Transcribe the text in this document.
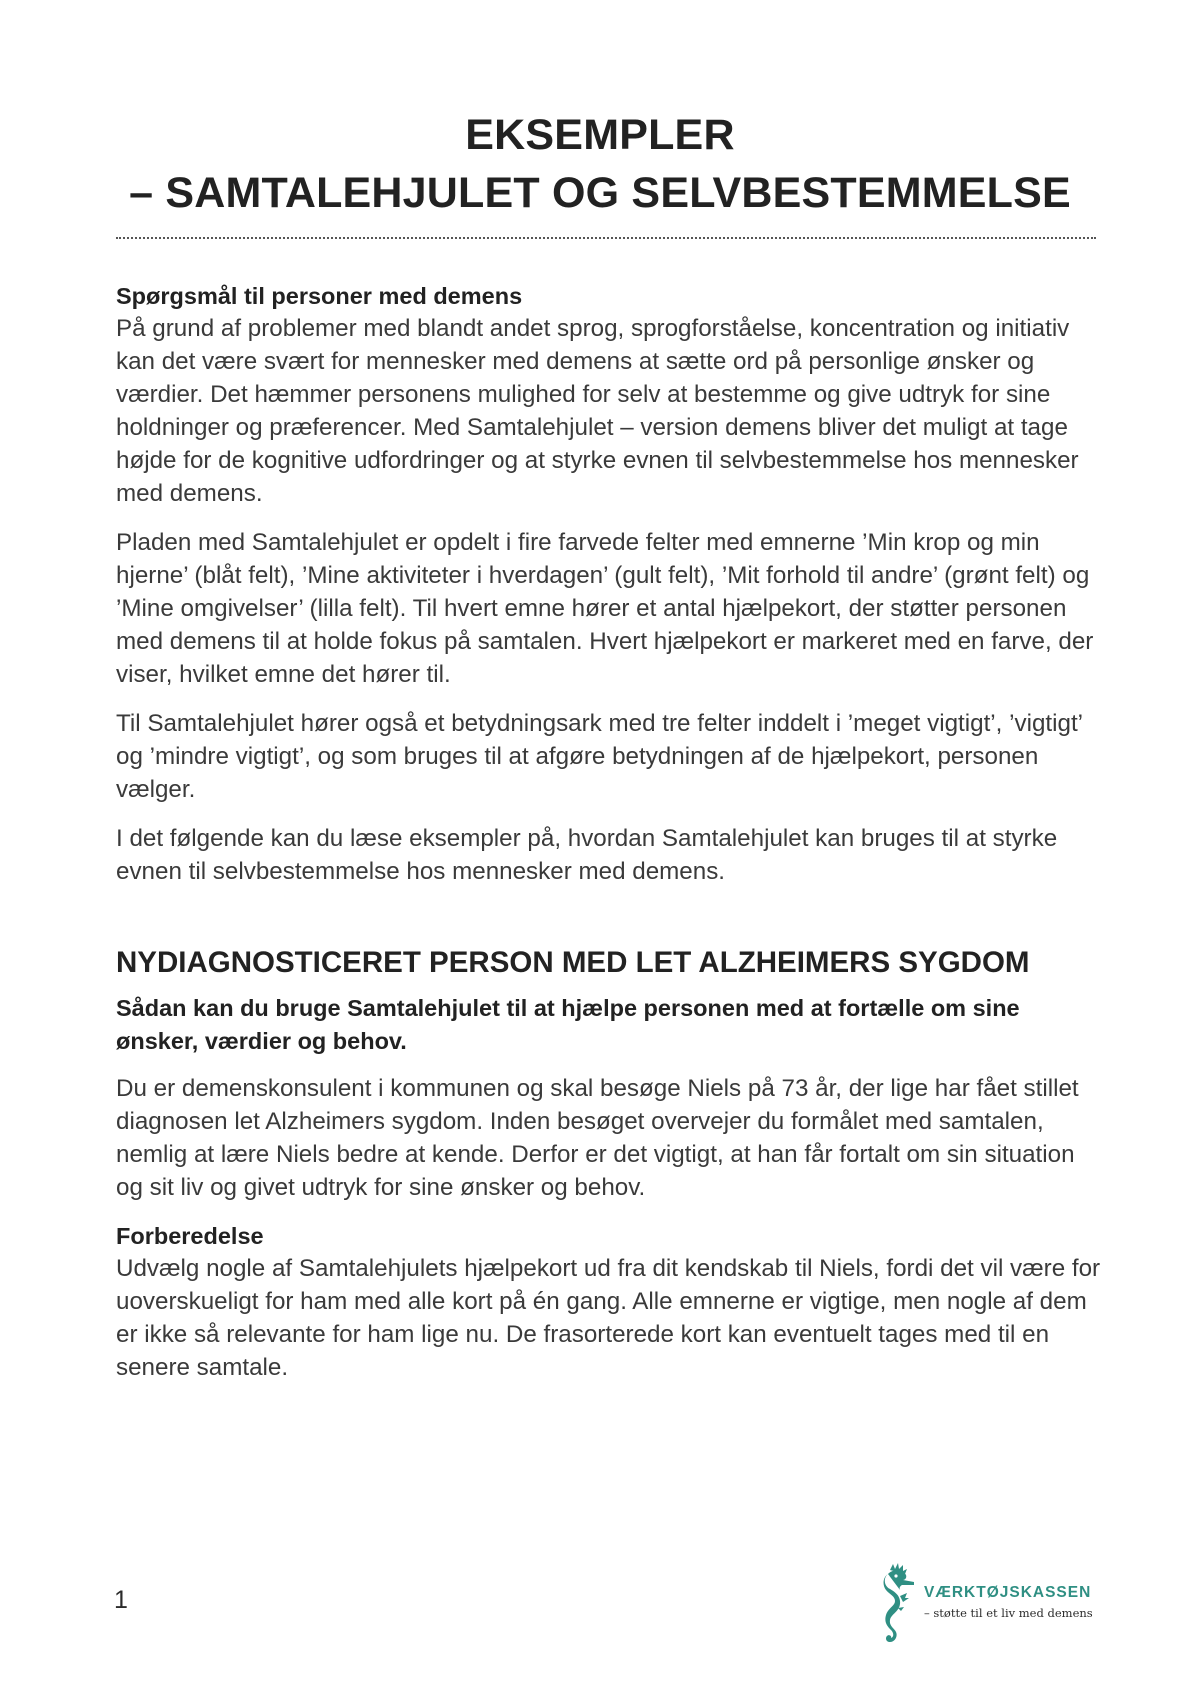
EKSEMPLER
– SAMTALEHJULET OG SELVBESTEMMELSE
Spørgsmål til personer med demens

På grund af problemer med blandt andet sprog, sprogforståelse, koncentration og initiativ kan det være svært for mennesker med demens at sætte ord på personlige ønsker og værdier. Det hæmmer personens mulighed for selv at bestemme og give udtryk for sine holdninger og præferencer. Med Samtalehjulet – version demens bliver det muligt at tage højde for de kognitive udfordringer og at styrke evnen til selvbestemmelse hos mennesker med demens.

Pladen med Samtalehjulet er opdelt i fire farvede felter med emnerne ’Min krop og min hjerne’ (blåt felt), ’Mine aktiviteter i hverdagen’ (gult felt), ’Mit forhold til andre’ (grønt felt) og ’Mine omgivelser’ (lilla felt). Til hvert emne hører et antal hjælpekort, der støtter personen med demens til at holde fokus på samtalen. Hvert hjælpekort er markeret med en farve, der viser, hvilket emne det hører til.

Til Samtalehjulet hører også et betydningsark med tre felter inddelt i ’meget vigtigt’, ’vigtigt’ og ’mindre vigtigt’, og som bruges til at afgøre betydningen af de hjælpekort, personen vælger.

I det følgende kan du læse eksempler på, hvordan Samtalehjulet kan bruges til at styrke evnen til selvbestemmelse hos mennesker med demens.

NYDIAGNOSTICERET PERSON MED LET ALZHEIMERS SYGDOM

Sådan kan du bruge Samtalehjulet til at hjælpe personen med at fortælle om sine ønsker, værdier og behov.

Du er demenskonsulent i kommunen og skal besøge Niels på 73 år, der lige har fået stillet diagnosen let Alzheimers sygdom. Inden besøget overvejer du formålet med samtalen, nemlig at lære Niels bedre at kende. Derfor er det vigtigt, at han får fortalt om sin situation og sit liv og givet udtryk for sine ønsker og behov.

Forberedelse

Udvælg nogle af Samtalehjulets hjælpekort ud fra dit kendskab til Niels, fordi det vil være for uoverskueligt for ham med alle kort på én gang. Alle emnerne er vigtige, men nogle af dem er ikke så relevante for ham lige nu. De frasorterede kort kan eventuelt tages med til en senere samtale.

1	VÆRKTØJSKASSEN
– støtte til et liv med demens
